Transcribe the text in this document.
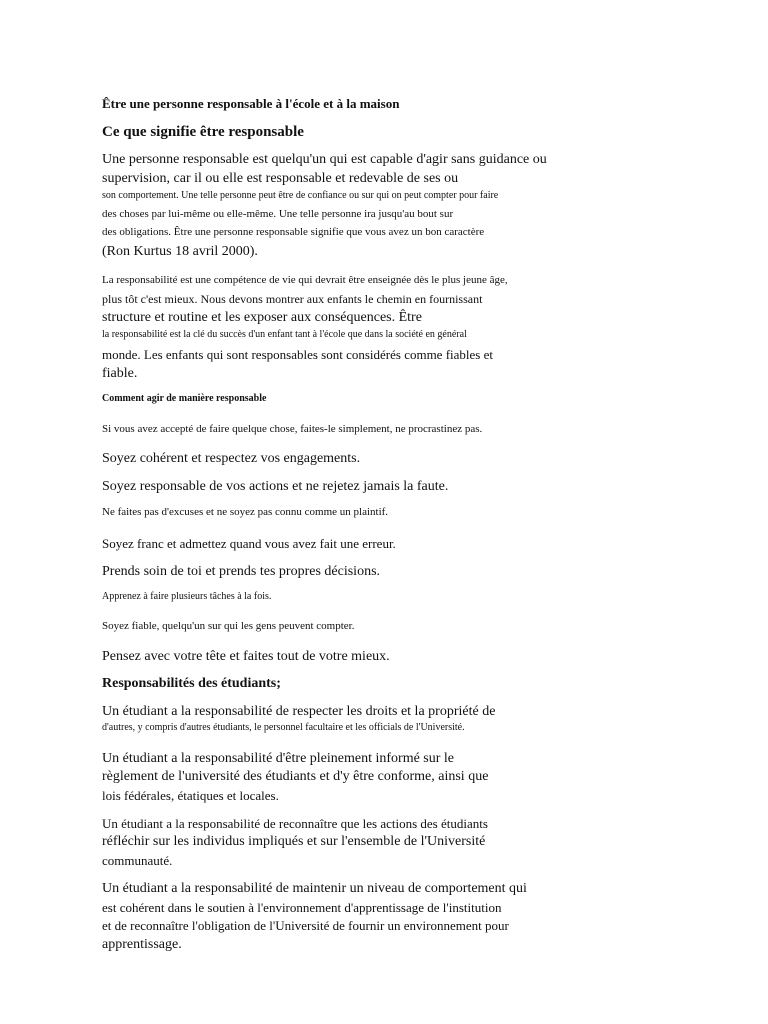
Être une personne responsable à l'école et à la maison
Ce que signifie être responsable
Une personne responsable est quelqu'un qui est capable d'agir sans guidance ou
supervision, car il ou elle est responsable et redevable de ses ou
son comportement. Une telle personne peut être de confiance ou sur qui on peut compter pour faire
des choses par lui-même ou elle-même. Une telle personne ira jusqu'au bout sur
des obligations. Être une personne responsable signifie que vous avez un bon caractère
(Ron Kurtus 18 avril 2000).
La responsabilité est une compétence de vie qui devrait être enseignée dès le plus jeune âge,
plus tôt c'est mieux. Nous devons montrer aux enfants le chemin en fournissant
structure et routine et les exposer aux conséquences. Être
la responsabilité est la clé du succès d'un enfant tant à l'école que dans la société en général
monde. Les enfants qui sont responsables sont considérés comme fiables et
fiable.
Comment agir de manière responsable
Si vous avez accepté de faire quelque chose, faites-le simplement, ne procrastinez pas.
Soyez cohérent et respectez vos engagements.
Soyez responsable de vos actions et ne rejetez jamais la faute.
Ne faites pas d'excuses et ne soyez pas connu comme un plaintif.
Soyez franc et admettez quand vous avez fait une erreur.
Prends soin de toi et prends tes propres décisions.
Apprenez à faire plusieurs tâches à la fois.
Soyez fiable, quelqu'un sur qui les gens peuvent compter.
Pensez avec votre tête et faites tout de votre mieux.
Responsabilités des étudiants;
Un étudiant a la responsabilité de respecter les droits et la propriété de
d'autres, y compris d'autres étudiants, le personnel facultaire et les officials de l'Université.
Un étudiant a la responsabilité d'être pleinement informé sur le
règlement de l'université des étudiants et d'y être conforme, ainsi que
lois fédérales, étatiques et locales.
Un étudiant a la responsabilité de reconnaître que les actions des étudiants
réfléchir sur les individus impliqués et sur l'ensemble de l'Université
communauté.
Un étudiant a la responsabilité de maintenir un niveau de comportement qui
est cohérent dans le soutien à l'environnement d'apprentissage de l'institution
et de reconnaître l'obligation de l'Université de fournir un environnement pour
apprentissage.
